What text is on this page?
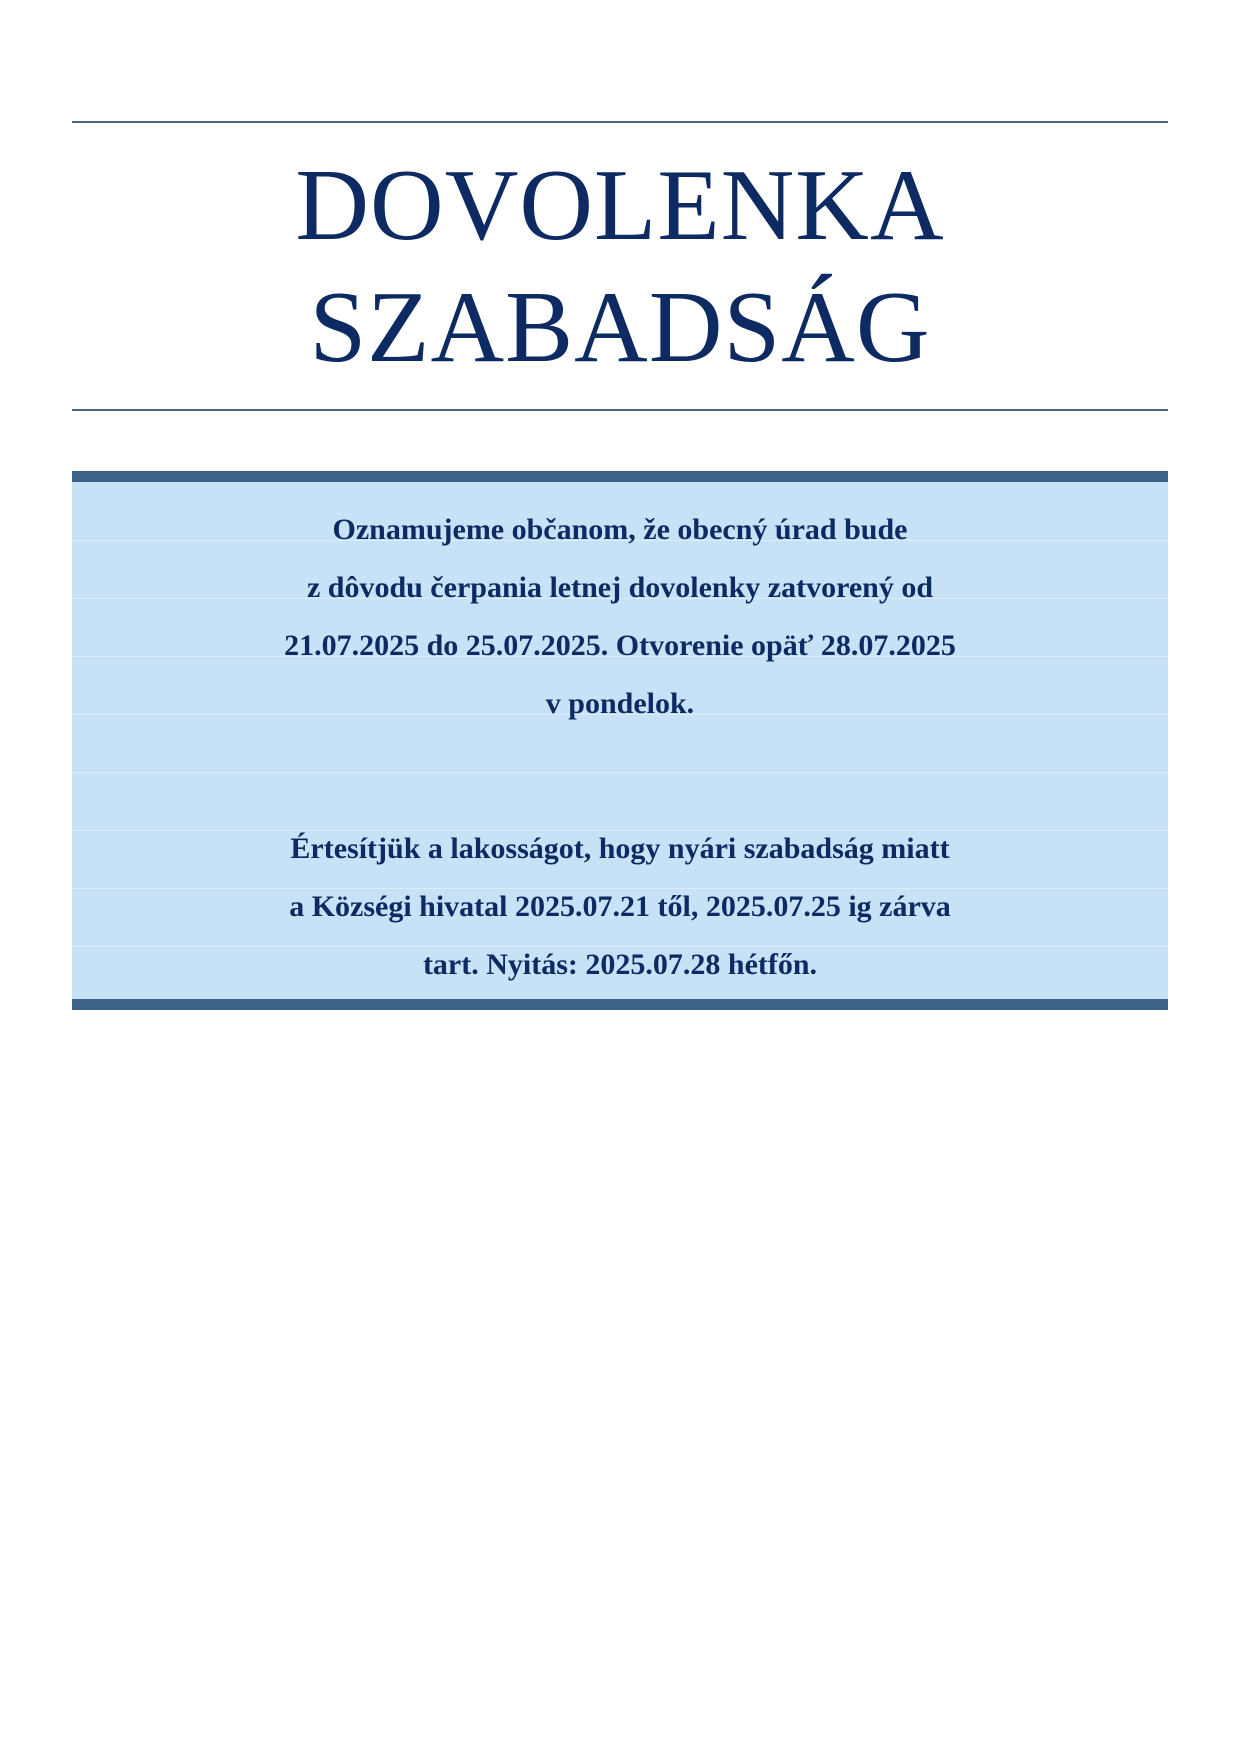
DOVOLENKA
SZABADSÁG
Oznamujeme občanom, že obecný úrad bude
z dôvodu čerpania letnej dovolenky zatvorený od
21.07.2025 do 25.07.2025. Otvorenie opäť 28.07.2025
v pondelok.
Értesítjük a lakosságot, hogy nyári szabadság miatt
a Községi hivatal 2025.07.21 től, 2025.07.25 ig zárva
tart. Nyitás: 2025.07.28 hétfőn.
